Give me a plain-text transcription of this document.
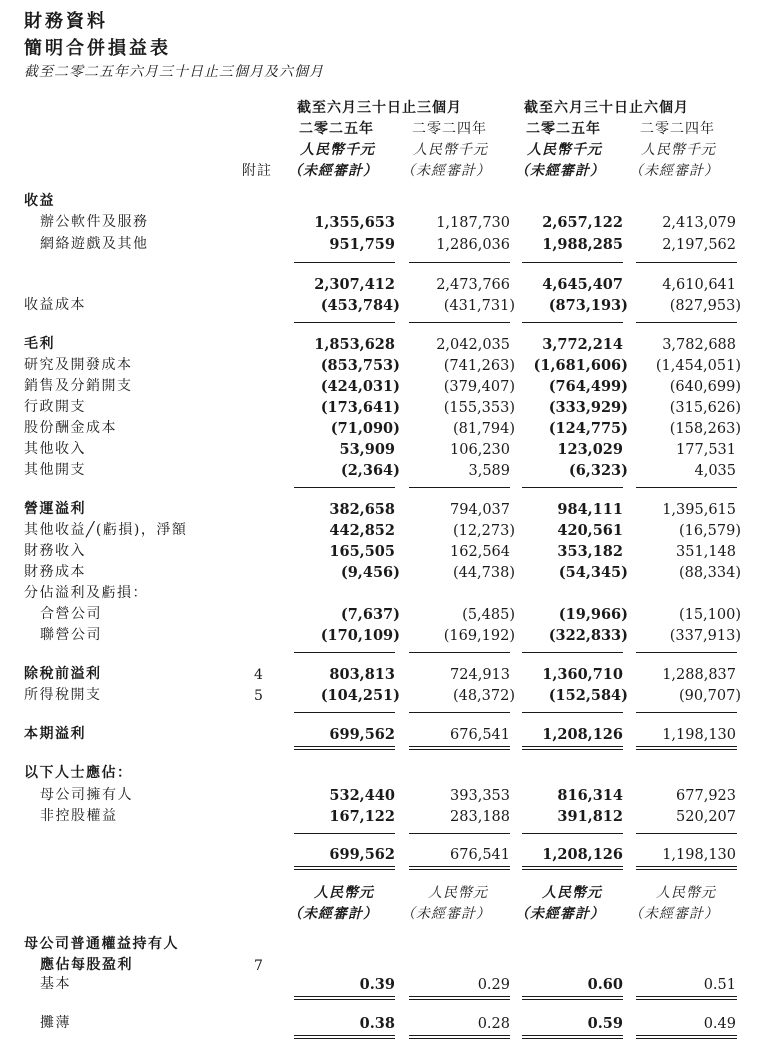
財務資料
簡明合併損益表
截至二零二五年六月三十日止三個月及六個月
截至六月三十日止三個月	截至六月三十日止六個月
二零二五年	二零二四年	二零二五年	二零二四年
人民幣千元	人民幣千元	人民幣千元	人民幣千元
附註 （未經審計） （未經審計） （未經審計） （未經審計）
收益
辦公軟件及服務	1,355,653	1,187,730 2,657,122	2,413,079
網絡遊戲及其他	951,759	1,286,036 1,988,285	2,197,562
2,307,412	2,473,766 4,645,407	4,610,641
收益成本	(453,784)	(431,731) (873,193)	(827,953)
毛利	1,853,628	2,042,035 3,772,214	3,782,688
研究及開發成本	(853,753)	(741,263) (1,681,606) (1,454,051)
銷售及分銷開支	(424,031)	(379,407) (764,499)	(640,699)
行政開支	(173,641)	(155,353) (333,929)	(315,626)
股份酬金成本	(71,090)	(81,794) (124,775)	(158,263)
其他收入	53,909	106,230	123,029	177,531
其他開支	(2,364)	3,589	(6,323)	4,035
營運溢利	382,658	794,037	984,111	1,395,615
其他收益╱(虧損)，淨額	442,852	(12,273)	420,561	(16,579)
財務收入	165,505	162,564	353,182	351,148
財務成本	(9,456)	(44,738)	(54,345)	(88,334)
分佔溢利及虧損：
合營公司	(7,637)	(5,485)	(19,966)	(15,100)
聯營公司	(170,109)	(169,192) (322,833)	(337,913)
除稅前溢利	4	803,813	724,913 1,360,710	1,288,837
所得稅開支	5	(104,251)	(48,372) (152,584)	(90,707)
本期溢利	699,562	676,541 1,208,126	1,198,130
以下人士應佔：
母公司擁有人	532,440	393,353	816,314	677,923
非控股權益	167,122	283,188	391,812	520,207
699,562	676,541 1,208,126	1,198,130
人民幣元	人民幣元	人民幣元	人民幣元
（未經審計） （未經審計） （未經審計） （未經審計）
母公司普通權益持有人
應佔每股盈利	7
基本	0.39	0.29	0.60	0.51
攤薄	0.38	0.28	0.59	0.49
